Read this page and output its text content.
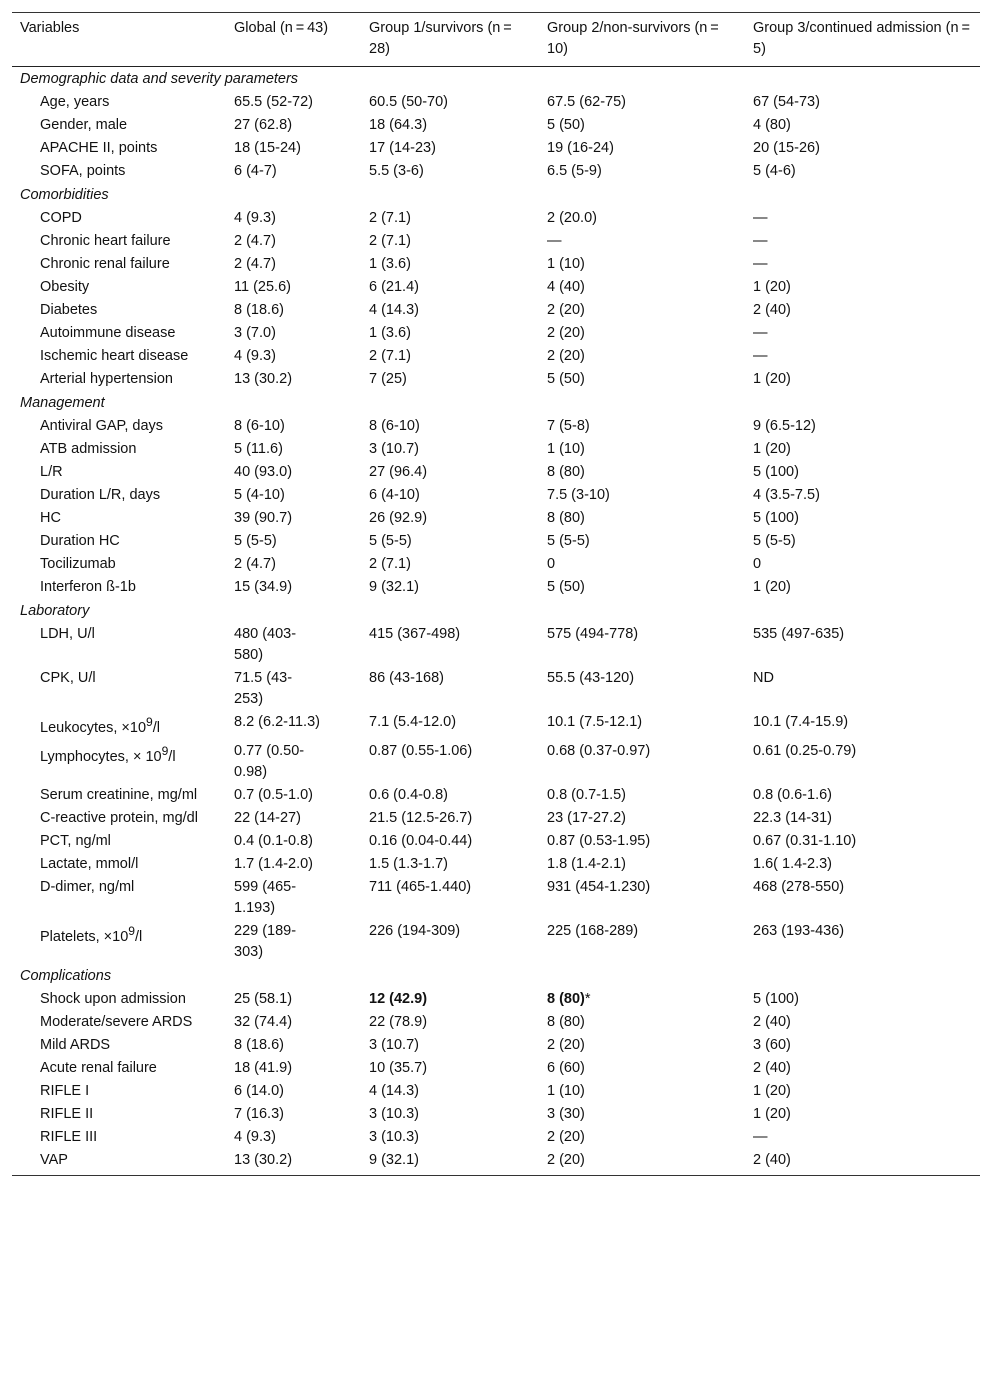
Variables	Global (n = 43)	Group 1/survivors (n = 28)	Group 2/non-survivors (n = 10)	Group 3/continued admission (n = 5)
Demographic data and severity parameters				

Age, years	65.5 (52-72)	60.5 (50-70)	67.5 (62-75)	67 (54-73)

Gender, male	27 (62.8)	18 (64.3)	5 (50)	4 (80)

APACHE II, points	18 (15-24)	17 (14-23)	19 (16-24)	20 (15-26)

SOFA, points	6 (4-7)	5.5 (3-6)	6.5 (5-9)	5 (4-6)
Comorbidities				

COPD	4 (9.3)	2 (7.1)	2 (20.0)	—

Chronic heart failure	2 (4.7)	2 (7.1)	—	—

Chronic renal failure	2 (4.7)	1 (3.6)	1 (10)	—

Obesity	11 (25.6)	6 (21.4)	4 (40)	1 (20)

Diabetes	8 (18.6)	4 (14.3)	2 (20)	2 (40)

Autoimmune disease	3 (7.0)	1 (3.6)	2 (20)	—

Ischemic heart disease	4 (9.3)	2 (7.1)	2 (20)	—

Arterial hypertension	13 (30.2)	7 (25)	5 (50)	1 (20)
Management				

Antiviral GAP, days	8 (6-10)	8 (6-10)	7 (5-8)	9 (6.5-12)

ATB admission	5 (11.6)	3 (10.7)	1 (10)	1 (20)

L/R	40 (93.0)	27 (96.4)	8 (80)	5 (100)

Duration L/R, days	5 (4-10)	6 (4-10)	7.5 (3-10)	4 (3.5-7.5)

HC	39 (90.7)	26 (92.9)	8 (80)	5 (100)

Duration HC	5 (5-5)	5 (5-5)	5 (5-5)	5 (5-5)

Tocilizumab	2 (4.7)	2 (7.1)	0	0

Interferon ß-1b	15 (34.9)	9 (32.1)	5 (50)	1 (20)
Laboratory				

LDH, U/l	480 (403-580)	415 (367-498)	575 (494-778)	535 (497-635)

CPK, U/l	71.5 (43-253)	86 (43-168)	55.5 (43-120)	ND

Leukocytes, $\times 10^9/l$	8.2 (6.2-11.3)	7.1 (5.4-12.0)	10.1 (7.5-12.1)	10.1 (7.4-15.9)

Lymphocytes, × $10^9/l$	0.77 (0.50-0.98)	0.87 (0.55-1.06)	0.68 (0.37-0.97)	0.61 (0.25-0.79)

Serum creatinine, mg/ml	0.7 (0.5-1.0)	0.6 (0.4-0.8)	0.8 (0.7-1.5)	0.8 (0.6-1.6)

C-reactive protein, mg/dl	22 (14-27)	21.5 (12.5-26.7)	23 (17-27.2)	22.3 (14-31)

PCT, ng/ml	0.4 (0.1-0.8)	0.16 (0.04-0.44)	0.87 (0.53-1.95)	0.67 (0.31-1.10)

Lactate, mmol/l	1.7 (1.4-2.0)	1.5 (1.3-1.7)	1.8 (1.4-2.1)	1.6( 1.4-2.3)

D-dimer, ng/ml	599 (465-1.193)	711 (465-1.440)	931 (454-1.230)	468 (278-550)

Platelets, $\times 10^9/l$	229 (189-303)	226 (194-309)	225 (168-289)	263 (193-436)
Complications				

Shock upon admission	25 (58.1)	12 (42.9)	8 (80)*	5 (100)

Moderate/severe ARDS	32 (74.4)	22 (78.9)	8 (80)	2 (40)

Mild ARDS	8 (18.6)	3 (10.7)	2 (20)	3 (60)

Acute renal failure	18 (41.9)	10 (35.7)	6 (60)	2 (40)

RIFLE I	6 (14.0)	4 (14.3)	1 (10)	1 (20)

RIFLE II	7 (16.3)	3 (10.3)	3 (30)	1 (20)

RIFLE III	4 (9.3)	3 (10.3)	2 (20)	—

VAP	13 (30.2)	9 (32.1)	2 (20)	2 (40)
